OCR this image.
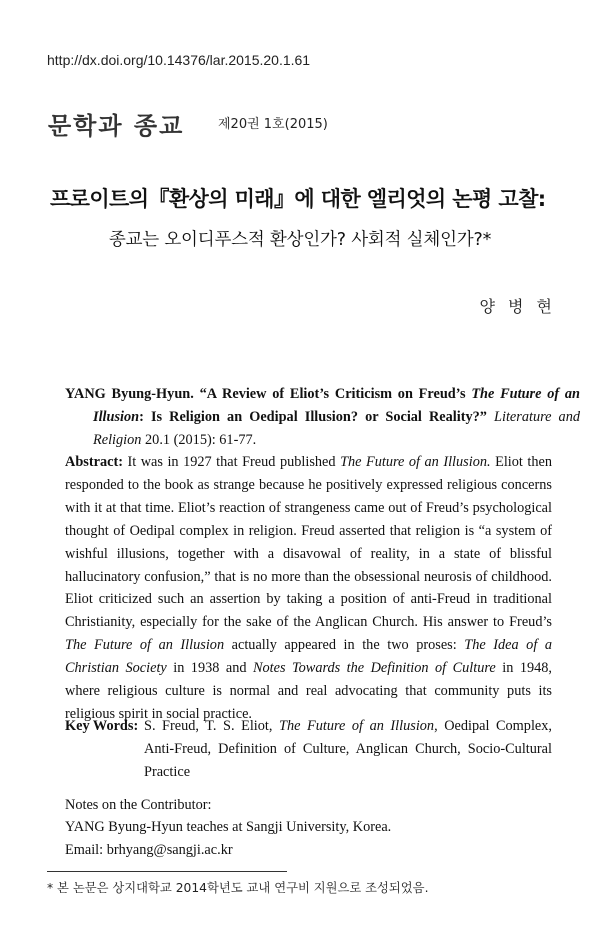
http://dx.doi.org/10.14376/lar.2015.20.1.61
문학과 종교	제20권 1호(2015)
프로이트의『환상의 미래』에 대한 엘리엇의 논평 고찰:
종교는 오이디푸스적 환상인가? 사회적 실체인가?*
양 병 현
YANG Byung-Hyun. “A Review of Eliot’s Criticism on Freud’s The Future of an Illusion: Is Religion an Oedipal Illusion? or Social Reality?” Literature and Religion 20.1 (2015): 61-77.
Abstract: It was in 1927 that Freud published The Future of an Illusion. Eliot then responded to the book as strange because he positively expressed religious concerns with it at that time. Eliot’s reaction of strangeness came out of Freud’s psychological thought of Oedipal complex in religion. Freud asserted that religion is “a system of wishful illusions, together with a disavowal of reality, in a state of blissful hallucinatory confusion,” that is no more than the obsessional neurosis of childhood. Eliot criticized such an assertion by taking a position of anti-Freud in traditional Christianity, especially for the sake of the Anglican Church. His answer to Freud’s The Future of an Illusion actually appeared in the two proses: The Idea of a Christian Society in 1938 and Notes Towards the Definition of Culture in 1948, where religious culture is normal and real advocating that community puts its religious spirit in social practice.
Key Words: S. Freud, T. S. Eliot, The Future of an Illusion, Oedipal Complex, Anti-Freud, Definition of Culture, Anglican Church, Socio-Cultural Practice
Notes on the Contributor:
YANG Byung-Hyun teaches at Sangji University, Korea.
Email: brhyang@sangji.ac.kr
* 본 논문은 상지대학교 2014학년도 교내 연구비 지원으로 조성되었음.
